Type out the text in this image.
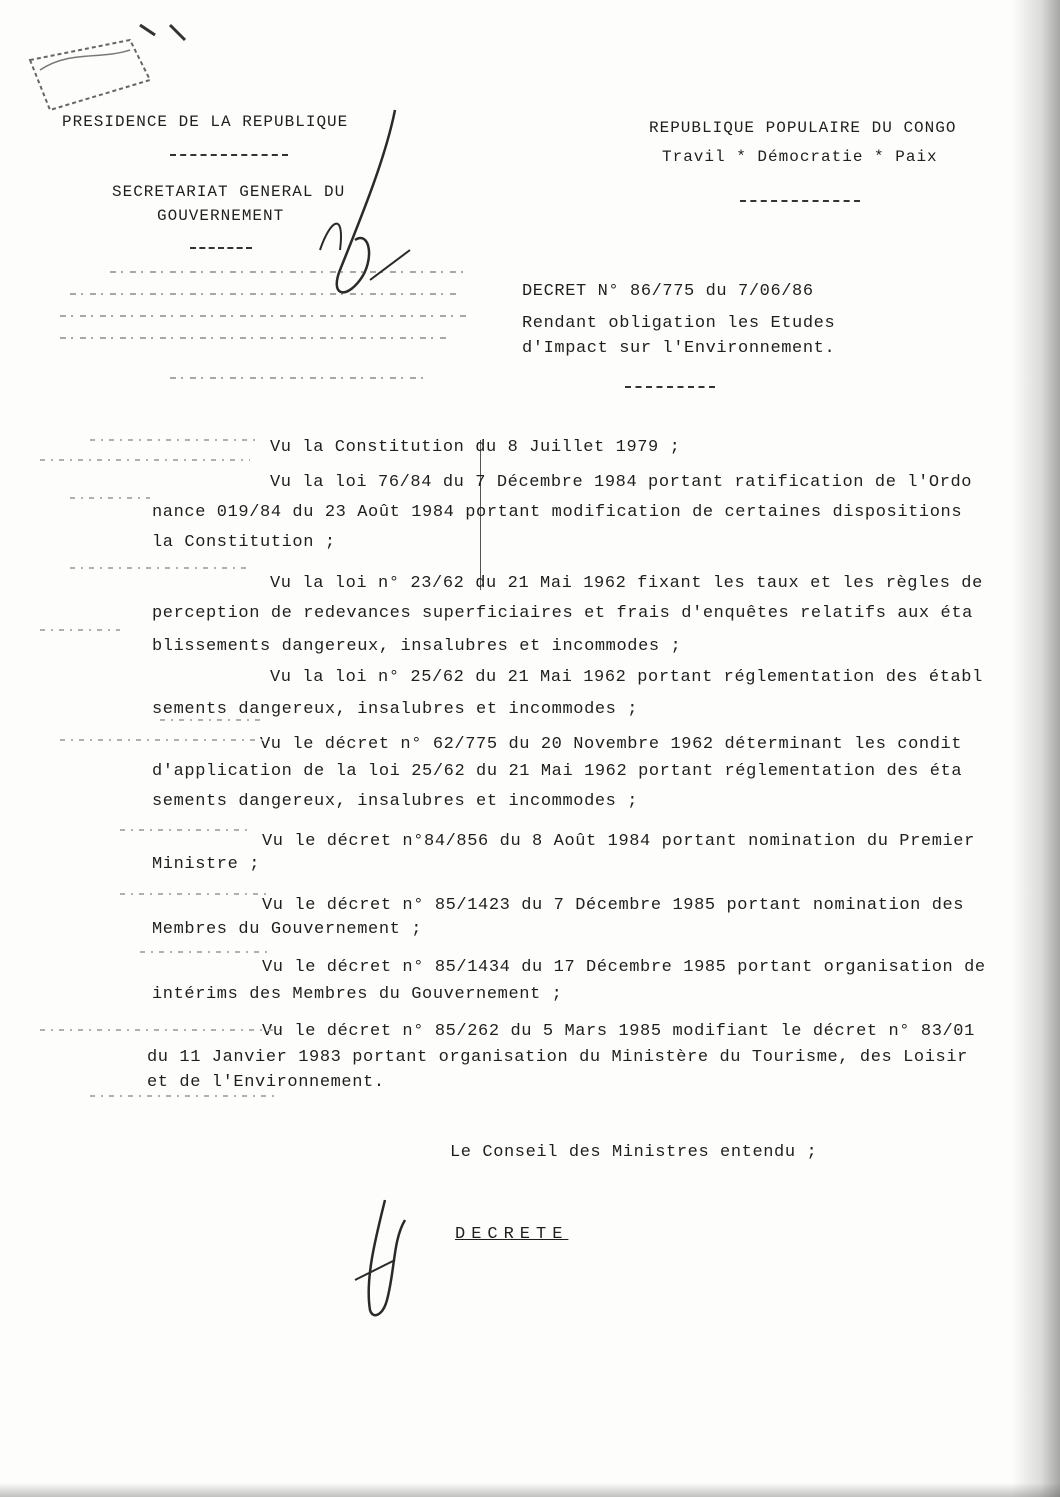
PRESIDENCE DE LA REPUBLIQUE
SECRETARIAT GENERAL DU
GOUVERNEMENT
REPUBLIQUE POPULAIRE DU CONGO
Travil * Démocratie * Paix
DECRET N° 86/775 du 7/06/86
Rendant obligation les Etudes
d'Impact sur l'Environnement.
Vu la Constitution du 8 Juillet 1979 ;
Vu la loi 76/84 du 7 Décembre 1984 portant ratification de l'Ordo
nance 019/84 du 23 Août 1984 portant modification de certaines dispositions
la Constitution ;
Vu la loi n° 23/62 du 21 Mai 1962 fixant les taux et les règles de
perception de redevances superficiaires et frais d'enquêtes relatifs aux éta
blissements dangereux, insalubres et incommodes ;
Vu la loi n° 25/62 du 21 Mai 1962 portant réglementation des établ
sements dangereux, insalubres et incommodes ;
Vu le décret n° 62/775 du 20 Novembre 1962 déterminant les condit
d'application de la loi 25/62 du 21 Mai 1962 portant réglementation des éta
sements dangereux, insalubres et incommodes ;
Vu le décret n°84/856 du 8 Août 1984 portant nomination du Premier
Ministre ;
Vu le décret n° 85/1423 du 7 Décembre 1985 portant nomination des
Membres du Gouvernement ;
Vu le décret n° 85/1434 du 17 Décembre 1985 portant organisation de
intérims des Membres du Gouvernement ;
Vu le décret n° 85/262 du 5 Mars 1985 modifiant le décret n° 83/01
du 11 Janvier 1983 portant organisation du Ministère du Tourisme, des Loisir
et de l'Environnement.
Le Conseil des Ministres entendu ;
DECRETE
